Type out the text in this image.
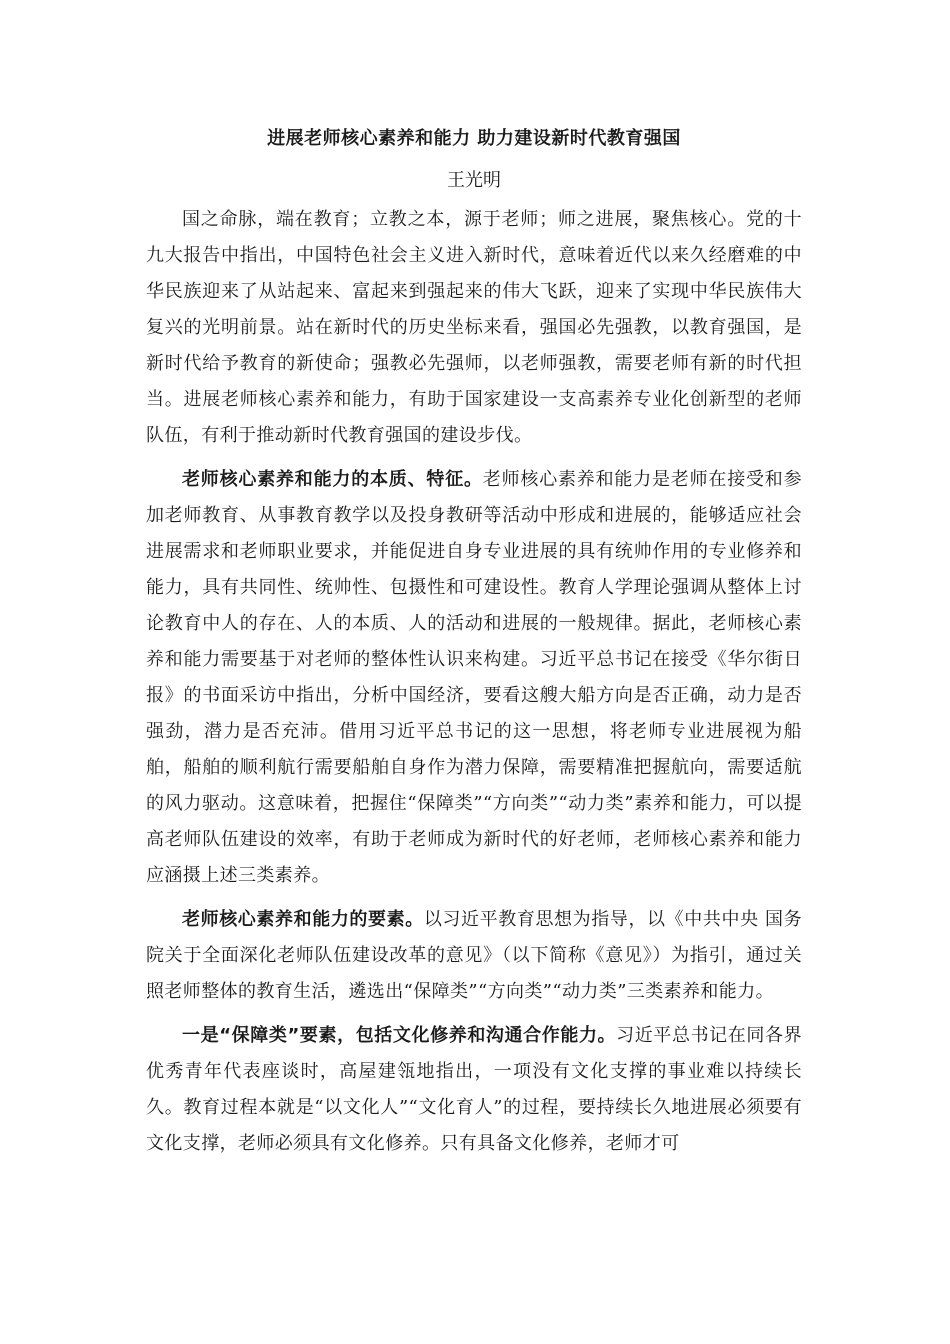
进展老师核心素养和能力 助力建设新时代教育强国
王光明

国之命脉，端在教育；立教之本，源于老师；师之进展，聚焦核心。党的十九大报告中指出，中国特色社会主义进入新时代，意味着近代以来久经磨难的中华民族迎来了从站起来、富起来到强起来的伟大飞跃，迎来了实现中华民族伟大复兴的光明前景。站在新时代的历史坐标来看，强国必先强教，以教育强国，是新时代给予教育的新使命；强教必先强师，以老师强教，需要老师有新的时代担当。进展老师核心素养和能力，有助于国家建设一支高素养专业化创新型的老师队伍，有利于推动新时代教育强国的建设步伐。

老师核心素养和能力的本质、特征。老师核心素养和能力是老师在接受和参加老师教育、从事教育教学以及投身教研等活动中形成和进展的，能够适应社会进展需求和老师职业要求，并能促进自身专业进展的具有统帅作用的专业修养和能力，具有共同性、统帅性、包摄性和可建设性。教育人学理论强调从整体上讨论教育中人的存在、人的本质、人的活动和进展的一般规律。据此，老师核心素养和能力需要基于对老师的整体性认识来构建。习近平总书记在接受《华尔街日报》的书面采访中指出，分析中国经济，要看这艘大船方向是否正确，动力是否强劲，潜力是否充沛。借用习近平总书记的这一思想，将老师专业进展视为船舶，船舶的顺利航行需要船舶自身作为潜力保障，需要精准把握航向，需要适航的风力驱动。这意味着，把握住“保障类”“方向类”“动力类”素养和能力，可以提高老师队伍建设的效率，有助于老师成为新时代的好老师，老师核心素养和能力应涵摄上述三类素养。

老师核心素养和能力的要素。以习近平教育思想为指导，以《中共中央 国务院关于全面深化老师队伍建设改革的意见》（以下简称《意见》）为指引，通过关照老师整体的教育生活，遴选出“保障类”“方向类”“动力类”三类素养和能力。

一是“保障类”要素，包括文化修养和沟通合作能力。习近平总书记在同各界优秀青年代表座谈时，高屋建瓴地指出，一项没有文化支撑的事业难以持续长久。教育过程本就是“以文化人”“文化育人”的过程，要持续长久地进展必须要有文化支撑，老师必须具有文化修养。只有具备文化修养，老师才可
